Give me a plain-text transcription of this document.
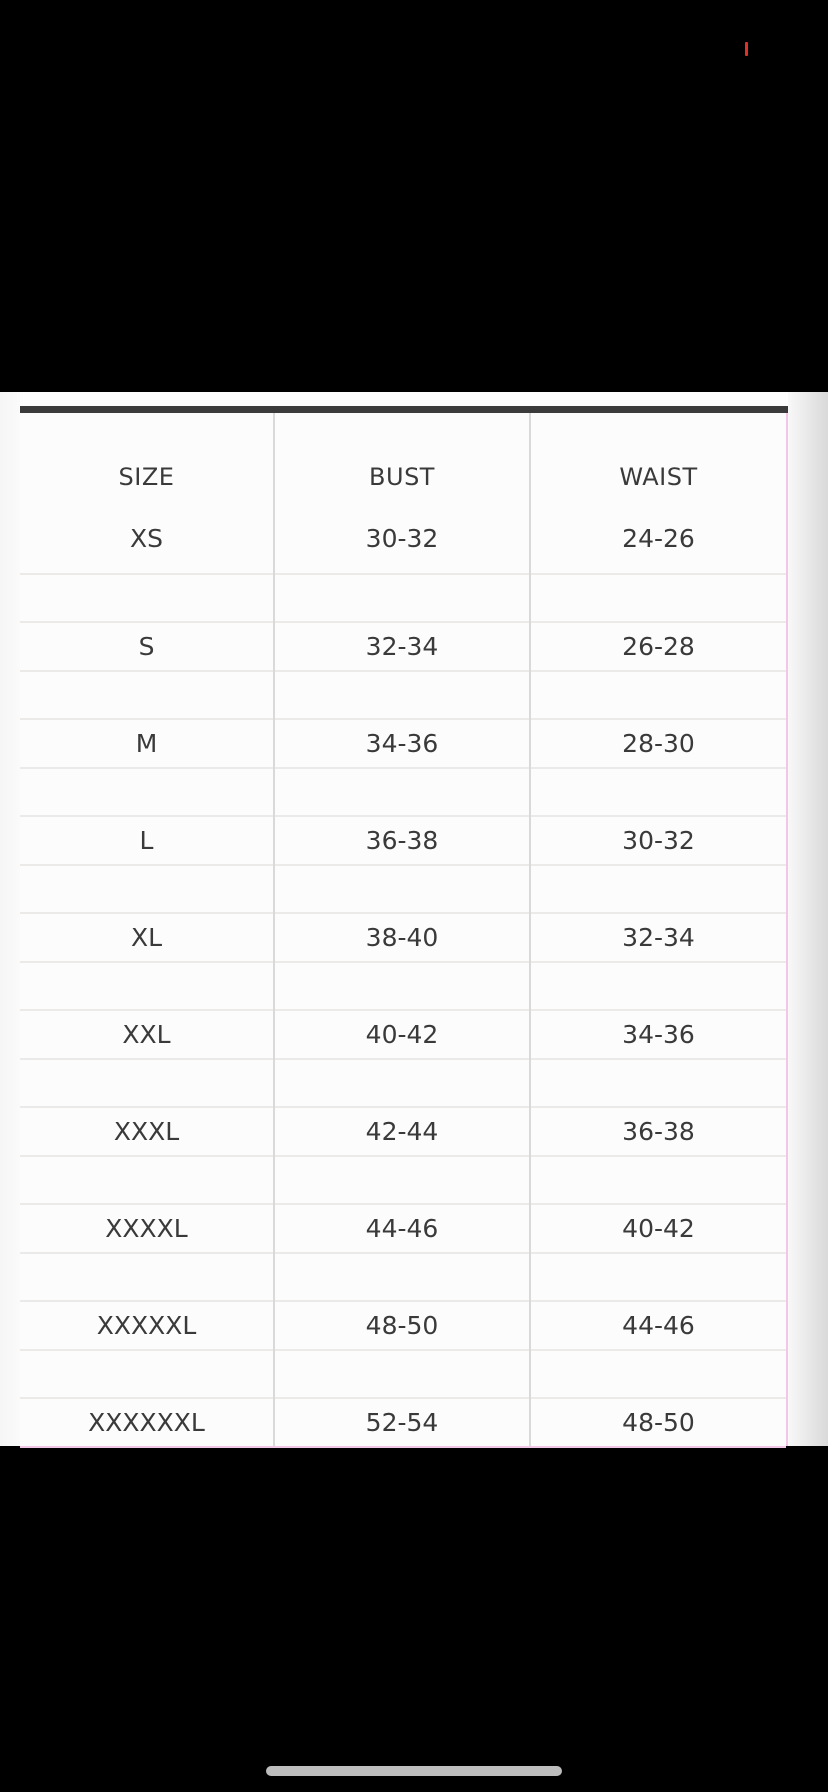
SIZE	BUST	WAIST
XS	30-32	24-26

S	32-34	26-28

M	34-36	28-30

L	36-38	30-32

XL	38-40	32-34

XXL	40-42	34-36

XXXL	42-44	36-38

XXXXL	44-46	40-42

XXXXXL	48-50	44-46

XXXXXXL	52-54	48-50
